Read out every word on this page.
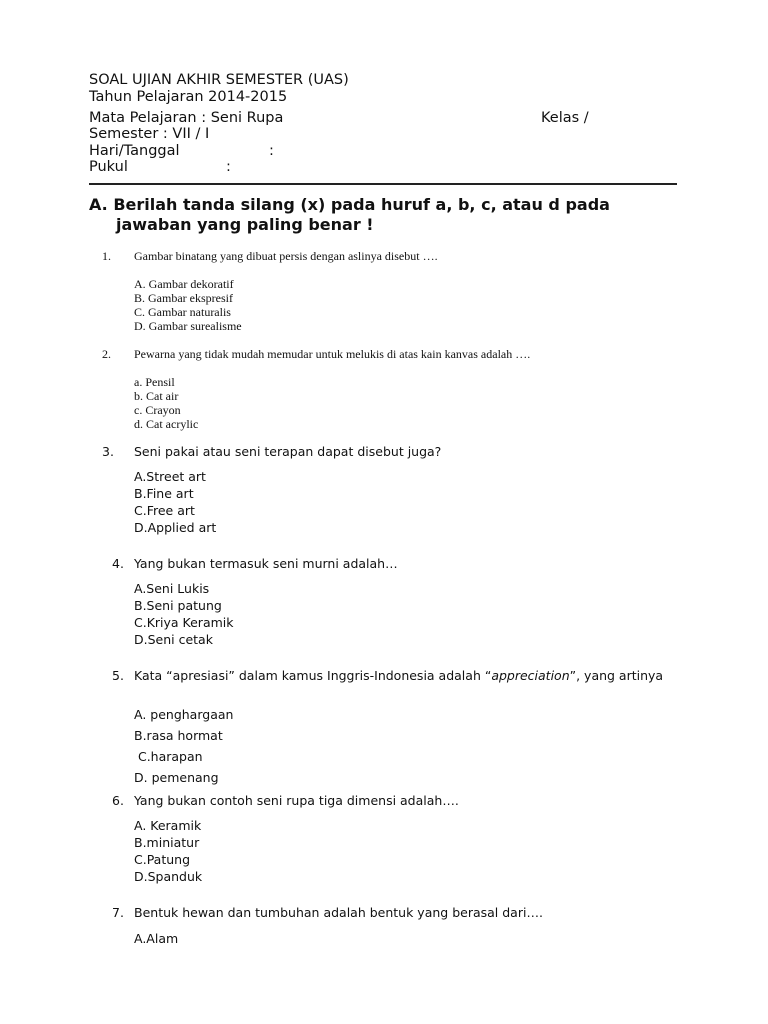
SOAL UJIAN AKHIR SEMESTER (UAS)
Tahun Pelajaran 2014-2015
Mata Pelajaran : Seni Rupa	Kelas /
Semester : VII / I
Hari/Tanggal	:
Pukul	:
A. Berilah tanda silang (x) pada huruf a, b, c, atau d pada
jawaban yang paling benar !
1. Gambar binatang yang dibuat persis dengan aslinya disebut ….
A. Gambar dekoratif
B. Gambar ekspresif
C. Gambar naturalis
D. Gambar surealisme
2. Pewarna yang tidak mudah memudar untuk melukis di atas kain kanvas adalah ….
a. Pensil
b. Cat air
c. Crayon
d. Cat acrylic
3. Seni pakai atau seni terapan dapat disebut juga?
A.Street art
B.Fine art
C.Free art
D.Applied art
4. Yang bukan termasuk seni murni adalah…
A.Seni Lukis
B.Seni patung
C.Kriya Keramik
D.Seni cetak
5. Kata “apresiasi” dalam kamus Inggris-Indonesia adalah “appreciation”, yang artinya
A. penghargaan
B.rasa hormat
C.harapan
D. pemenang
6. Yang bukan contoh seni rupa tiga dimensi adalah….
A. Keramik
B.miniatur
C.Patung
D.Spanduk
7. Bentuk hewan dan tumbuhan adalah bentuk yang berasal dari….
A.Alam
